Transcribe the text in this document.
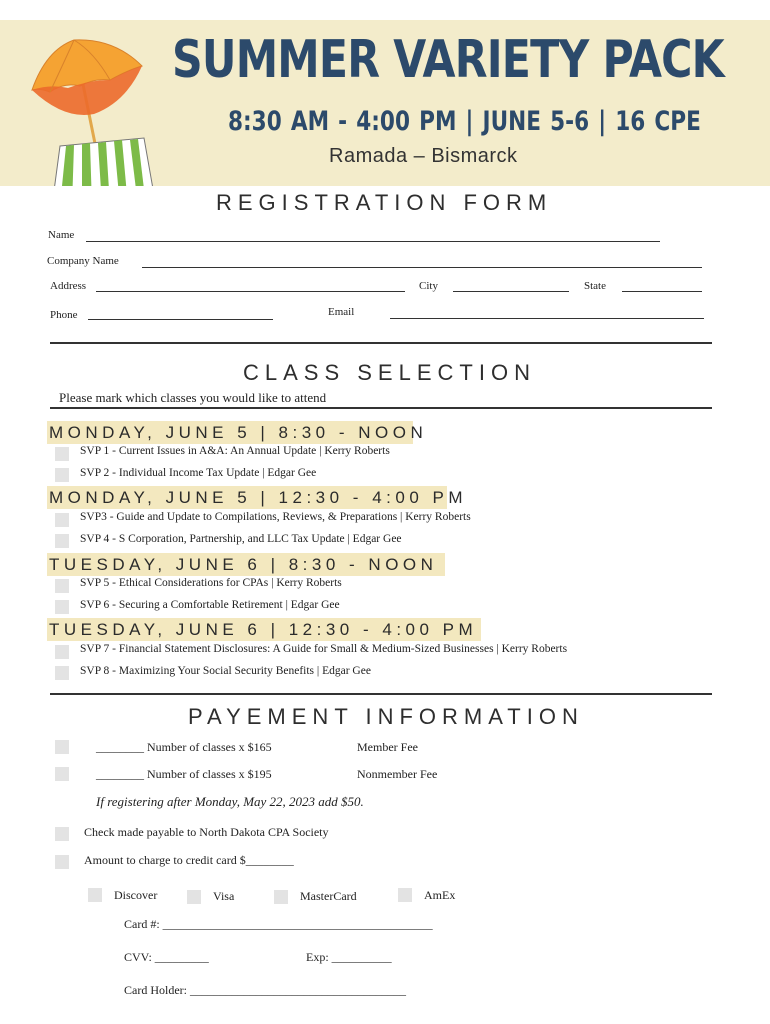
SUMMER VARIETY PACK
8:30 AM - 4:00 PM | JUNE 5-6 | 16 CPE
Ramada – Bismarck
REGISTRATION FORM
Name
Company Name
Address	City	State
Email
Phone
CLASS SELECTION
Please mark which classes you would like to attend
MONDAY, JUNE 5 | 8:30 - NOON
SVP 1 - Current Issues in A&A: An Annual Update | Kerry Roberts
SVP 2 - Individual Income Tax Update | Edgar Gee
MONDAY, JUNE 5 | 12:30 - 4:00 PM
SVP3 - Guide and Update to Compilations, Reviews, & Preparations | Kerry Roberts
SVP 4 - S Corporation, Partnership, and LLC Tax Update | Edgar Gee
TUESDAY, JUNE 6 | 8:30 - NOON
SVP 5 - Ethical Considerations for CPAs | Kerry Roberts
SVP 6 - Securing a Comfortable Retirement | Edgar Gee
TUESDAY, JUNE 6 | 12:30 - 4:00 PM
SVP 7 - Financial Statement Disclosures: A Guide for Small & Medium-Sized Businesses | Kerry Roberts
SVP 8 - Maximizing Your Social Security Benefits | Edgar Gee
PAYEMENT INFORMATION
________ Number of classes x $165	Member Fee
________ Number of classes x $195	Nonmember Fee
If registering after Monday, May 22, 2023 add $50.
Check made payable to North Dakota CPA Society
Amount to charge to credit card $________
Discover	Visa	MasterCard	AmEx
Card #: _____________________________________________
CVV: _________	Exp: __________
Card Holder: ____________________________________
